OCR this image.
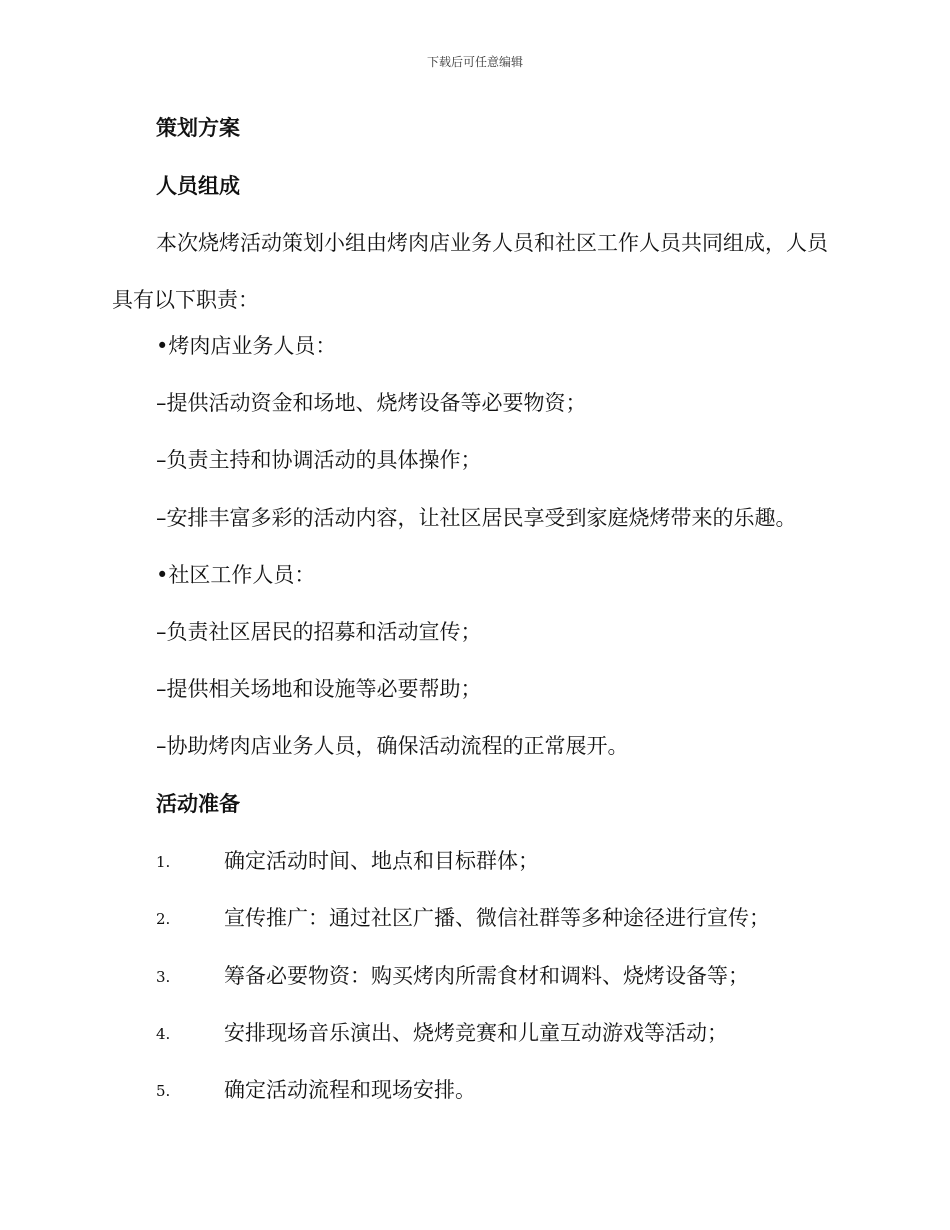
下载后可任意编辑
策划方案
人员组成
本次烧烤活动策划小组由烤肉店业务人员和社区工作人员共同组成，人员具有以下职责：
•烤肉店业务人员：
–提供活动资金和场地、烧烤设备等必要物资；
–负责主持和协调活动的具体操作；
–安排丰富多彩的活动内容，让社区居民享受到家庭烧烤带来的乐趣。
•社区工作人员：
–负责社区居民的招募和活动宣传；
–提供相关场地和设施等必要帮助；
–协助烤肉店业务人员，确保活动流程的正常展开。
活动准备
1.	确定活动时间、地点和目标群体；
2.	宣传推广：通过社区广播、微信社群等多种途径进行宣传；
3.	筹备必要物资：购买烤肉所需食材和调料、烧烤设备等；
4.	安排现场音乐演出、烧烤竞赛和儿童互动游戏等活动；
5.	确定活动流程和现场安排。
